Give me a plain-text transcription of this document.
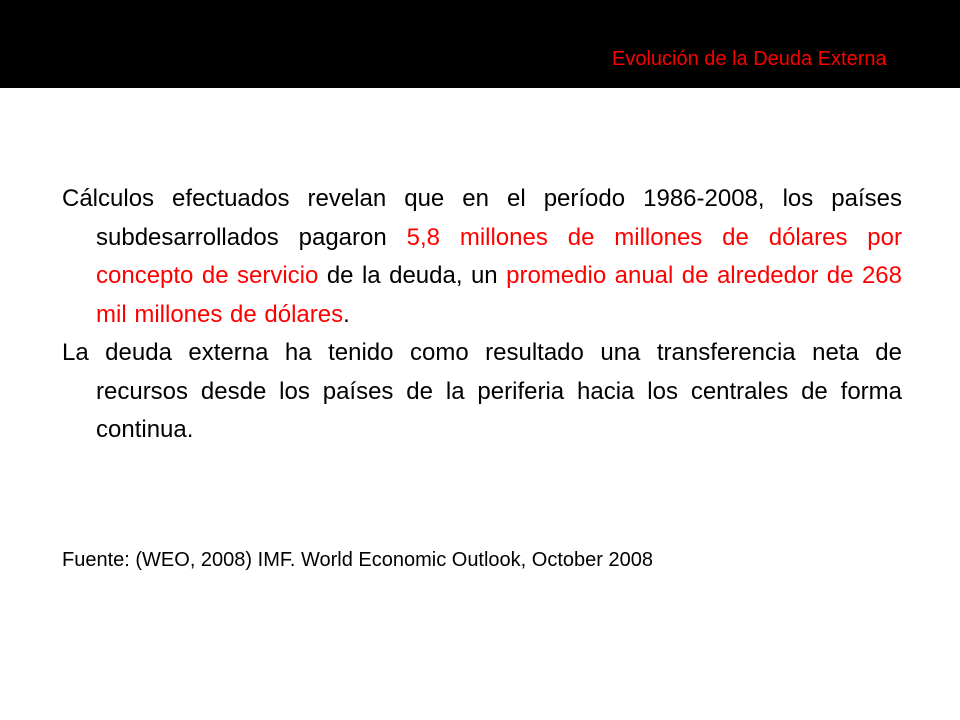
Evolución de la Deuda Externa

Cálculos efectuados revelan que en el período 1986-2008, los países subdesarrollados pagaron 5,8 millones de millones de dólares por concepto de servicio de la deuda, un promedio anual de alrededor de 268 mil millones de dólares.

La deuda externa ha tenido como resultado una transferencia neta de recursos desde los países de la periferia hacia los centrales de forma continua.

Fuente: (WEO, 2008) IMF. World Economic Outlook, October 2008
